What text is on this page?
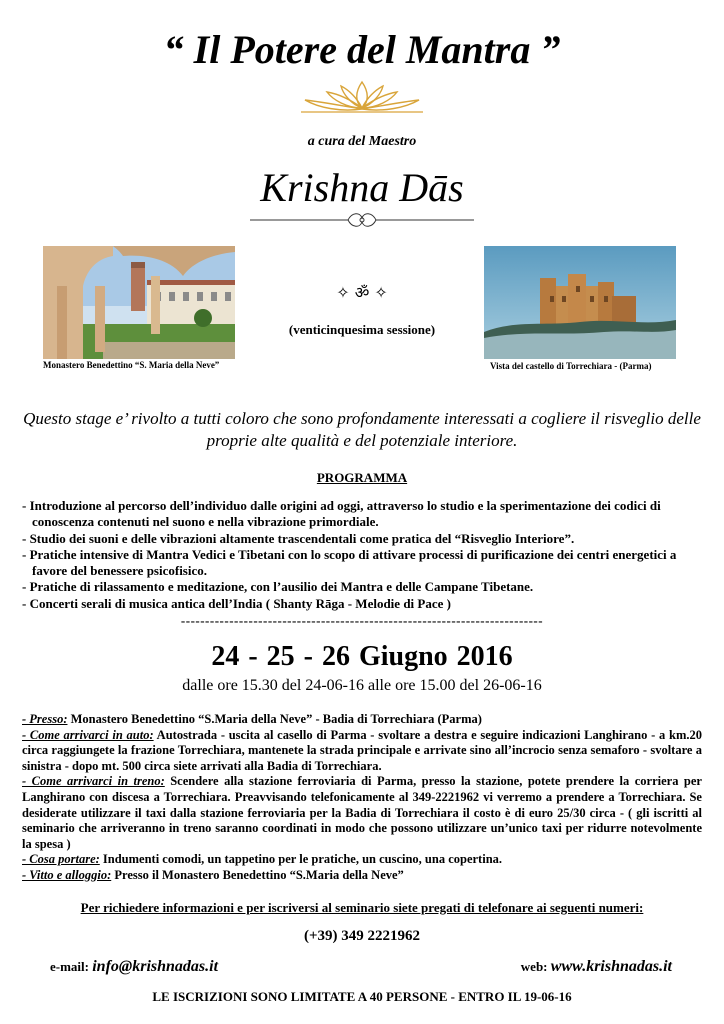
“ Il Potere del Mantra ”
a cura del Maestro
Krishna Dās
Monastero Benedettino “S. Maria della Neve”
✧ ॐ ✧
(venticinquesima sessione)
Vista del castello di Torrechiara - (Parma)

Questo stage e’ rivolto a tutti coloro che sono profondamente interessati a cogliere il risveglio delle proprie alte qualità e del potenziale interiore.

PROGRAMMA
- Introduzione al percorso dell’individuo dalle origini ad oggi, attraverso lo studio e la sperimentazione dei codici di conoscenza contenuti nel suono e nella vibrazione primordiale.
- Studio dei suoni e delle vibrazioni altamente trascendentali come pratica del “Risveglio Interiore”.
- Pratiche intensive di Mantra Vedici e Tibetani con lo scopo di attivare processi di purificazione dei centri energetici a favore del benessere psicofisico.
- Pratiche di rilassamento e meditazione, con l’ausilio dei Mantra e delle Campane Tibetane.
- Concerti serali di musica antica dell’India ( Shanty Rāga - Melodie di Pace )
---------------------------------------------------------------------------
24 - 25 - 26 Giugno 2016
dalle ore 15.30 del 24-06-16 alle ore 15.00 del 26-06-16

- Presso: Monastero Benedettino “S.Maria della Neve” - Badia di Torrechiara (Parma)

- Come arrivarci in auto: Autostrada - uscita al casello di Parma - svoltare a destra e seguire indicazioni Langhirano - a km.20 circa raggiungete la frazione Torrechiara, mantenete la strada principale e arrivate sino all’incrocio senza semaforo - svoltare a sinistra - dopo mt. 500 circa siete arrivati alla Badia di Torrechiara.

- Come arrivarci in treno: Scendere alla stazione ferroviaria di Parma, presso la stazione, potete prendere la corriera per Langhirano con discesa a Torrechiara. Preavvisando telefonicamente al 349-2221962 vi verremo a prendere a Torrechiara. Se desiderate utilizzare il taxi dalla stazione ferroviaria per la Badia di Torrechiara il costo è di euro 25/30 circa - ( gli iscritti al seminario che arriveranno in treno saranno coordinati in modo che possono utilizzare un’unico taxi per ridurre notevolmente la spesa )

- Cosa portare: Indumenti comodi, un tappetino per le pratiche, un cuscino, una copertina.

- Vitto e alloggio: Presso il Monastero Benedettino “S.Maria della Neve”

Per richiedere informazioni e per iscriversi al seminario siete pregati di telefonare ai seguenti numeri:
(+39) 349 2221962
e-mail: info@krishnadas.it	web: www.krishnadas.it
LE ISCRIZIONI SONO LIMITATE A 40 PERSONE - ENTRO IL 19-06-16
